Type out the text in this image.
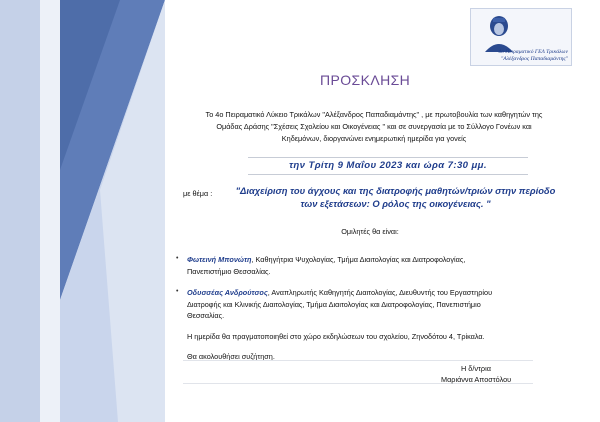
4ο Πειραματικό ΓΕΛ Τρικάλων
"Αλέξανδρος Παπαδιαμάντης"
ΠΡΟΣΚΛΗΣΗ
Το 4ο Πειραματικό Λύκειο Τρικάλων "Αλέξανδρος Παπαδιαμάντης" , με πρωτοβουλία των καθηγητών της
Ομάδας Δράσης "Σχέσεις Σχολείου και Οικογένειας " και σε συνεργασία με το Σύλλογο Γονέων και
Κηδεμόνων, διοργανώνει ενημερωτική ημερίδα για γονείς
την Τρίτη 9 Μαΐου 2023 και ώρα 7:30 μμ.
με θέμα :	"Διαχείριση του άγχους και της διατροφής μαθητών/τριών στην περίοδο
των εξετάσεων: Ο ρόλος της οικογένειας. "
Ομιλητές θα είναι:
• Φωτεινή Μπονώτη, Καθηγήτρια Ψυχολογίας, Τμήμα Διαιτολογίας και Διατροφολογίας,
Πανεπιστήμιο Θεσσαλίας.
• Οδυσσέας Ανδρούτσος, Αναπληρωτής Καθηγητής Διαιτολογίας, Διευθυντής του Εργαστηρίου
Διατροφής και Κλινικής Διαιτολογίας, Τμήμα Διαιτολογίας και Διατροφολογίας, Πανεπιστήμιο
Θεσσαλίας.
Η ημερίδα θα πραγματοποιηθεί στο χώρο εκδηλώσεων του σχολείου, Ζηνοδότου 4, Τρίκαλα.
Θα ακολουθήσει συζήτηση.
Η δ/ντρια
Μαριάννα Αποστόλου
